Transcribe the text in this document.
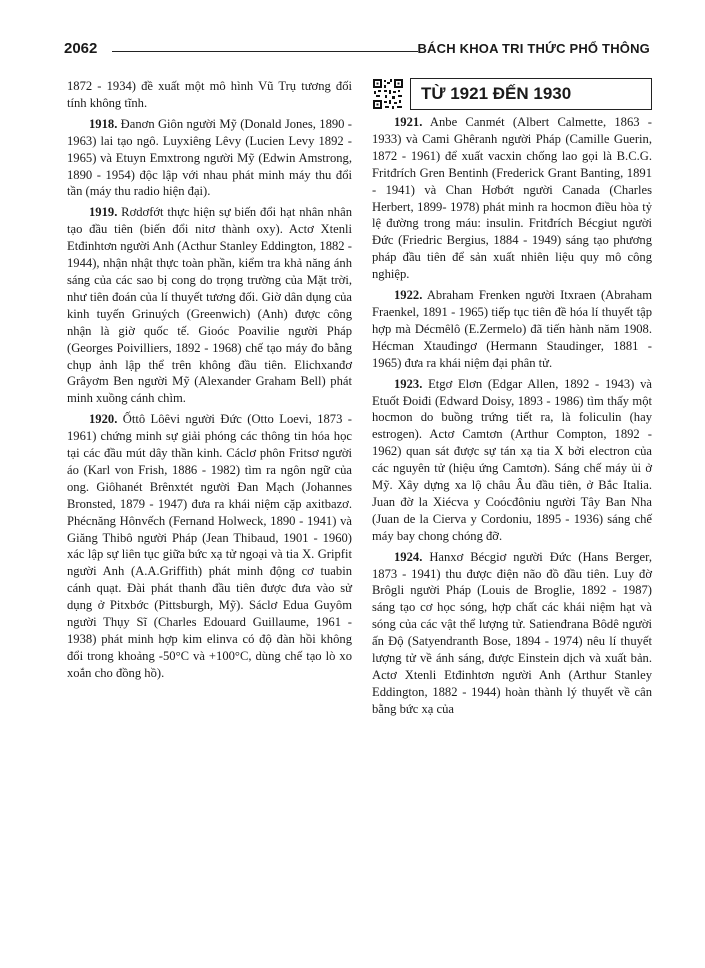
2062	BÁCH KHOA TRI THỨC PHỔ THÔNG

1872 - 1934) đề xuất một mô hình Vũ Trụ tương đối tính không tĩnh.

1918. Đanơn Giôn người Mỹ (Donald Jones, 1890 - 1963) lai tạo ngô. Luyxiêng Lêvy (Lucien Levy 1892 - 1965) và Etuyn Emxtrong người Mỹ (Edwin Amstrong, 1890 - 1954) độc lập với nhau phát minh máy thu đổi tần (máy thu radio hiện đại).

1919. Rơdơfớt thực hiện sự biến đổi hạt nhân nhân tạo đầu tiên (biến đổi nitơ thành oxy). Actơ Xtenli Etđinhtơn người Anh (Acthur Stanley Eddington, 1882 - 1944), nhận nhật thực toàn phần, kiểm tra khả năng ánh sáng của các sao bị cong do trọng trường của Mặt trời, như tiên đoán của lí thuyết tương đối. Giờ dân dụng của kinh tuyến Grinuých (Greenwich) (Anh) được công nhận là giờ quốc tế. Gioóc Poavilie người Pháp (Georges Poivilliers, 1892 - 1968) chế tạo máy đo bằng chụp ảnh lập thể trên không đầu tiên. Elichxanđơ Grâyơm Ben người Mỹ (Alexander Graham Bell) phát minh xuồng cánh chìm.

1920. Ốttô Lôêvi người Đức (Otto Loevi, 1873 - 1961) chứng minh sự giải phóng các thông tin hóa học tại các đầu mút dây thần kinh. Cáclơ phôn Fritsơ người áo (Karl von Frish, 1886 - 1982) tìm ra ngôn ngữ của ong. Giôhanét Brênxtét người Đan Mạch (Johannes Bronsted, 1879 - 1947) đưa ra khái niệm cặp axitbazơ. Phécnăng Hônvếch (Fernand Holweck, 1890 - 1941) và Giăng Thibô người Pháp (Jean Thibaud, 1901 - 1960) xác lập sự liên tục giữa bức xạ tử ngoại và tia X. Gripfit người Anh (A.A.Griffith) phát minh động cơ tuabin cánh quạt. Đài phát thanh đầu tiên được đưa vào sử dụng ở Pitxbớc (Pittsburgh, Mỹ). Sáclơ Edua Guyôm người Thụy Sĩ (Charles Edouard Guillaume, 1961 - 1938) phát minh hợp kim elinva có độ đàn hồi không đổi trong khoảng -50°C và +100°C, dùng chế tạo lò xo xoắn cho đồng hồ).

TỪ 1921 ĐẾN 1930

1921. Anbe Canmét (Albert Calmette, 1863 - 1933) và Cami Ghêranh người Pháp (Camille Guerin, 1872 - 1961) để xuất vacxin chống lao gọi là B.C.G. Fritđrích Gren Bentinh (Frederick Grant Banting, 1891 - 1941) và Chan Hơbớt người Canada (Charles Herbert, 1899- 1978) phát minh ra hocmon điều hòa tỷ lệ đường trong máu: insulin. Fritđrích Bécgiut người Đức (Friedric Bergius, 1884 - 1949) sáng tạo phương pháp đầu tiên để sản xuất nhiên liệu quy mô công nghiệp.

1922. Abraham Frenken người Itxraen (Abraham Fraenkel, 1891 - 1965) tiếp tục tiên đề hóa lí thuyết tập hợp mà Décmêlô (E.Zermelo) đã tiến hành năm 1908. Hécman Xtauđingơ (Hermann Staudinger, 1881 - 1965) đưa ra khái niệm đại phân tử.

1923. Etgơ Elơn (Edgar Allen, 1892 - 1943) và Etuốt Đoiđi (Edward Doisy, 1893 - 1986) tìm thấy một hocmon do buồng trứng tiết ra, là foliculin (hay estrogen). Actơ Camtơn (Arthur Compton, 1892 - 1962) quan sát được sự tán xạ tia X bởi electron của các nguyên tử (hiệu ứng Camtơn). Sáng chế máy ủi ở Mỹ. Xây dựng xa lộ châu Âu đầu tiên, ở Bắc Italia. Juan đờ la Xiécva y Coócđôniu người Tây Ban Nha (Juan de la Cierva y Cordoniu, 1895 - 1936) sáng chế máy bay chong chóng đỡ.

1924. Hanxơ Bécgiơ người Đức (Hans Berger, 1873 - 1941) thu được điện não đồ đầu tiên. Luy đờ Brôgli người Pháp (Louis de Broglie, 1892 - 1987) sáng tạo cơ học sóng, hợp chất các khái niệm hạt và sóng của các vật thể lượng tử. Satienđrana Bôdê người ấn Độ (Satyendranth Bose, 1894 - 1974) nêu lí thuyết lượng tử về ánh sáng, được Einstein dịch và xuất bản. Actơ Xtenli Etđinhtơn người Anh (Arthur Stanley Eddington, 1882 - 1944) hoàn thành lý thuyết về cân bằng bức xạ của
